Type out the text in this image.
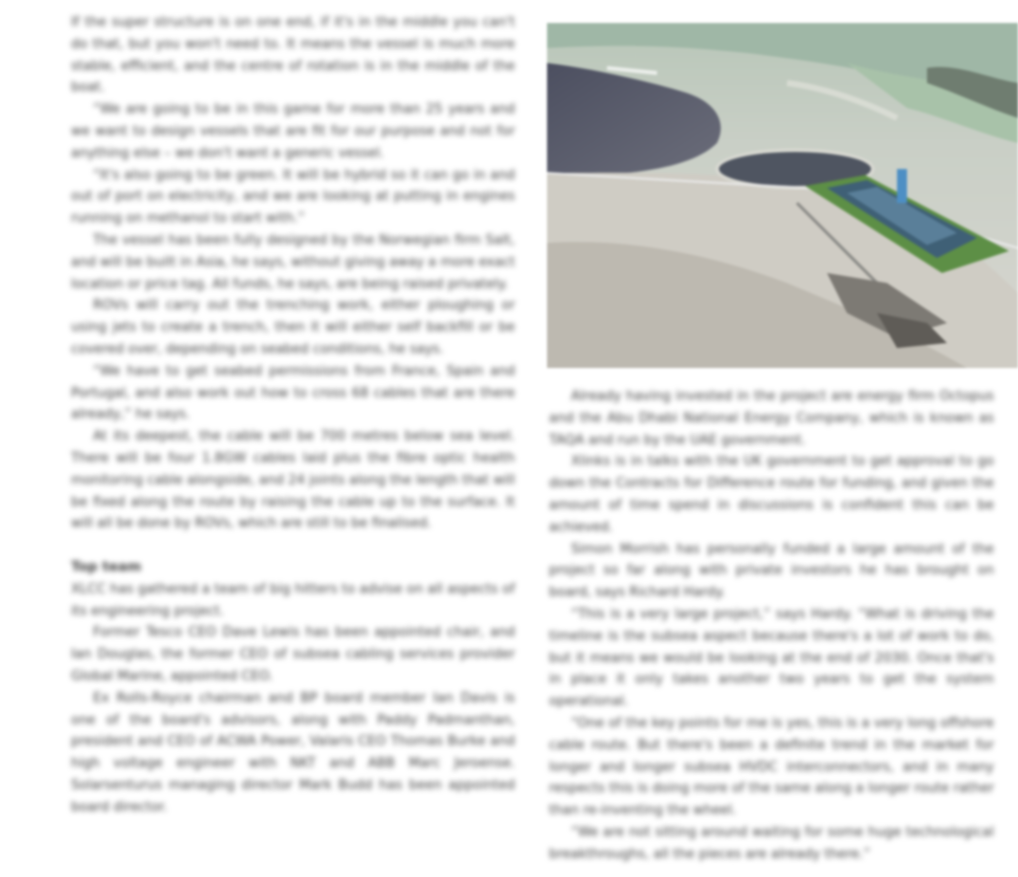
If the super structure is on one end, if it's in the middle you can't do that, but you won't need to. It means the vessel is much more stable, efficient, and the centre of rotation is in the middle of the boat.

“We are going to be in this game for more than 25 years and we want to design vessels that are fit for our purpose and not for anything else – we don't want a generic vessel.

“It's also going to be green. It will be hybrid so it can go in and out of port on electricity, and we are looking at putting in engines running on methanol to start with.”

The vessel has been fully designed by the Norwegian firm Salt, and will be built in Asia, he says, without giving away a more exact location or price tag. All funds, he says, are being raised privately.

ROVs will carry out the trenching work, either ploughing or using jets to create a trench, then it will either self backfill or be covered over, depending on seabed conditions, he says.

“We have to get seabed permissions from France, Spain and Portugal, and also work out how to cross 68 cables that are there already,” he says.

At its deepest, the cable will be 700 metres below sea level. There will be four 1.8GW cables laid plus the fibre optic health monitoring cable alongside, and 24 joints along the length that will be fixed along the route by raising the cable up to the surface. It will all be done by ROVs, which are still to be finalised.

Top team

XLCC has gathered a team of big hitters to advise on all aspects of its engineering project.

Former Tesco CEO Dave Lewis has been appointed chair, and Ian Douglas, the former CEO of subsea cabling services provider Global Marine, appointed CEO.

Ex Rolls-Royce chairman and BP board member Ian Davis is one of the board's advisors, along with Paddy Padmanthan, president and CEO of ACWA Power, Valaris CEO Thomas Burke and high voltage engineer with NKT and ABB Marc Jeroense. Solarsenturus managing director Mark Budd has been appointed board director.

Already having invested in the project are energy firm Octopus and the Abu Dhabi National Energy Company, which is known as TAQA and run by the UAE government.

Xlinks is in talks with the UK government to get approval to go down the Contracts for Difference route for funding, and given the amount of time spend in discussions is confident this can be achieved.

Simon Morrish has personally funded a large amount of the project so far along with private investors he has brought on board, says Richard Hardy.

“This is a very large project,” says Hardy. “What is driving the timeline is the subsea aspect because there's a lot of work to do, but it means we would be looking at the end of 2030. Once that's in place it only takes another two years to get the system operational.

“One of the key points for me is yes, this is a very long offshore cable route. But there's been a definite trend in the market for longer and longer subsea HVDC interconnectors, and in many respects this is doing more of the same along a longer route rather than re-inventing the wheel.

“We are not sitting around waiting for some huge technological breakthroughs, all the pieces are already there.”
